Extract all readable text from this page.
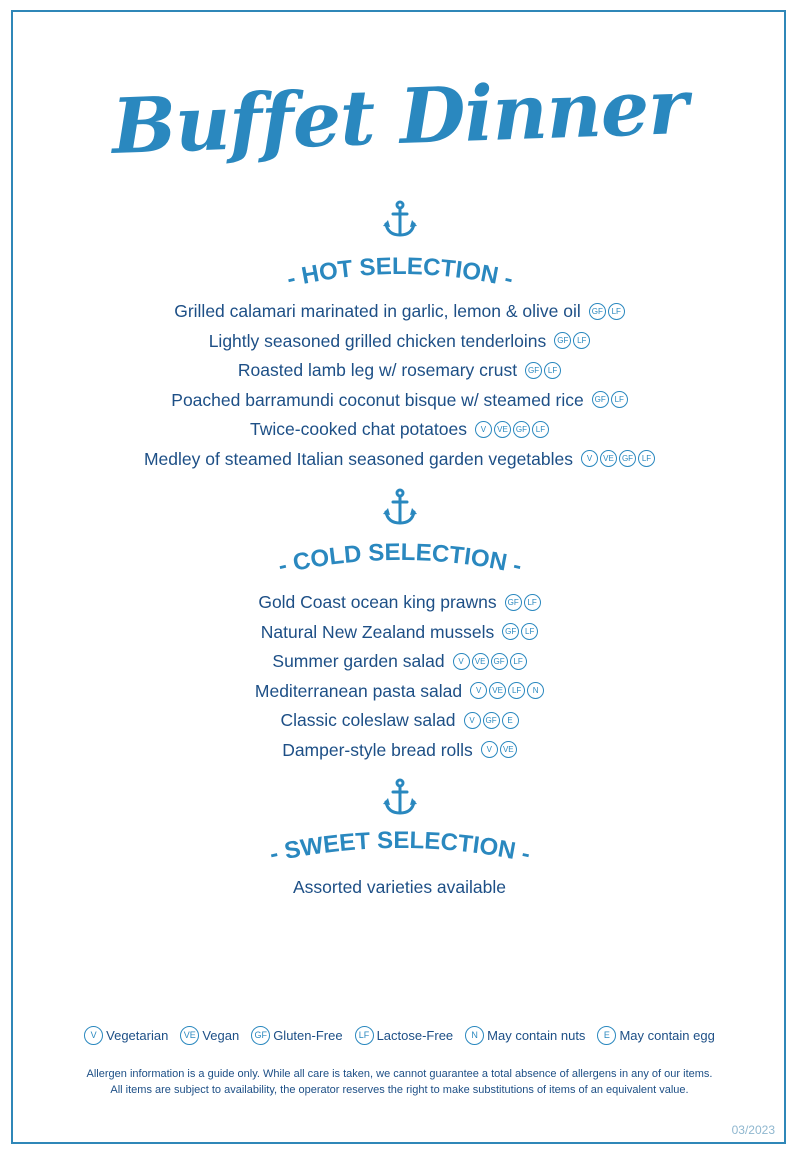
Buffet Dinner
- HOT SELECTION -
- COLD SELECTION -
- SWEET SELECTION -
Grilled calamari marinated in garlic, lemon & olive oil GF LF
Lightly seasoned grilled chicken tenderloins GF LF
Roasted lamb leg w/ rosemary crust GF LF
Poached barramundi coconut bisque w/ steamed rice GF LF
Twice-cooked chat potatoes V VE GF LF
Medley of steamed Italian seasoned garden vegetables V VE GF LF
Gold Coast ocean king prawns GF LF
Natural New Zealand mussels GF LF
Summer garden salad V VE GF LF
Mediterranean pasta salad V VE LF N
Classic coleslaw salad V GF E
Damper-style bread rolls V VE
Assorted varieties available
V Vegetarian VE Vegan GF Gluten-Free LF Lactose-Free N May contain nuts E May contain egg
Allergen information is a guide only. While all care is taken, we cannot guarantee a total absence of allergens in any of our items.
All items are subject to availability, the operator reserves the right to make substitutions of items of an equivalent value.
03/2023
